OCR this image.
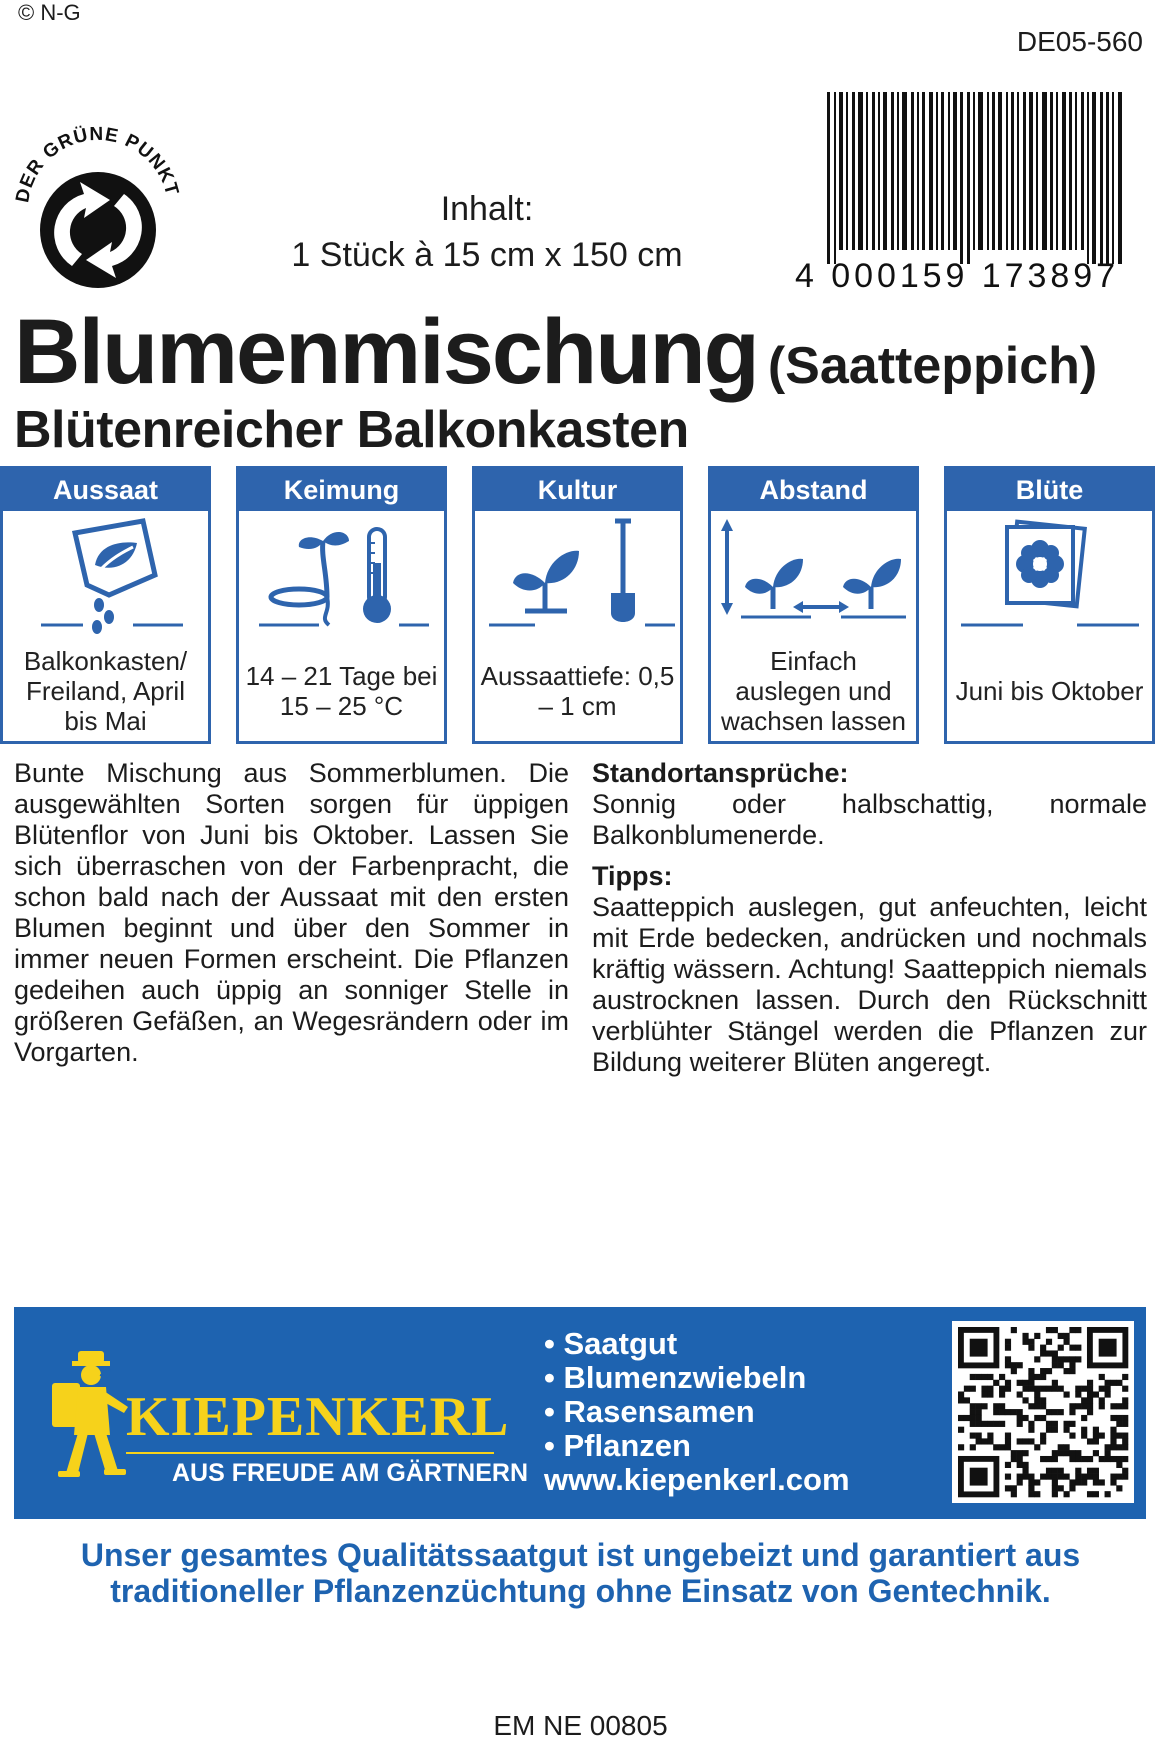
© N-G
DE05-560
DER GRÜNE PUNKT
Inhalt:
1 Stück à 15 cm x 150 cm
4 000159 173897
Blumenmischung (Saatteppich)
Blütenreicher Balkonkasten
Aussaat
Balkonkasten/ Freiland, April bis Mai
Keimung
14 – 21 Tage bei 15 – 25 °C
Kultur
Aussaattiefe: 0,5 – 1 cm
Abstand
Einfach auslegen und wachsen lassen
Blüte
Juni bis Oktober
Bunte Mischung aus Sommerblumen. Die ausgewählten Sorten sorgen für üppigen Blütenflor von Juni bis Oktober. Lassen Sie sich überraschen von der Farbenpracht, die schon bald nach der Aussaat mit den ersten Blumen beginnt und über den Sommer in immer neuen Formen erscheint. Die Pflanzen gedeihen auch üppig an sonniger Stelle in größeren Gefäßen, an Wegesrändern oder im Vorgarten.
Standortansprüche:

Sonnig oder halbschattig, normale Balkonblumenerde.

Tipps:

Saatteppich auslegen, gut anfeuchten, leicht mit Erde bedecken, andrücken und nochmals kräftig wässern. Achtung! Saatteppich niemals austrocknen lassen. Durch den Rückschnitt verblühter Stängel werden die Pflanzen zur Bildung weiterer Blüten angeregt.

KIEPENKERL
AUS FREUDE AM GÄRTNERN
• Saatgut
• Blumenzwiebeln
• Rasensamen
• Pflanzen
www.kiepenkerl.com
Unser gesamtes Qualitätssaatgut ist ungebeizt und garantiert aus traditioneller Pflanzenzüchtung ohne Einsatz von Gentechnik.
EM NE 00805
